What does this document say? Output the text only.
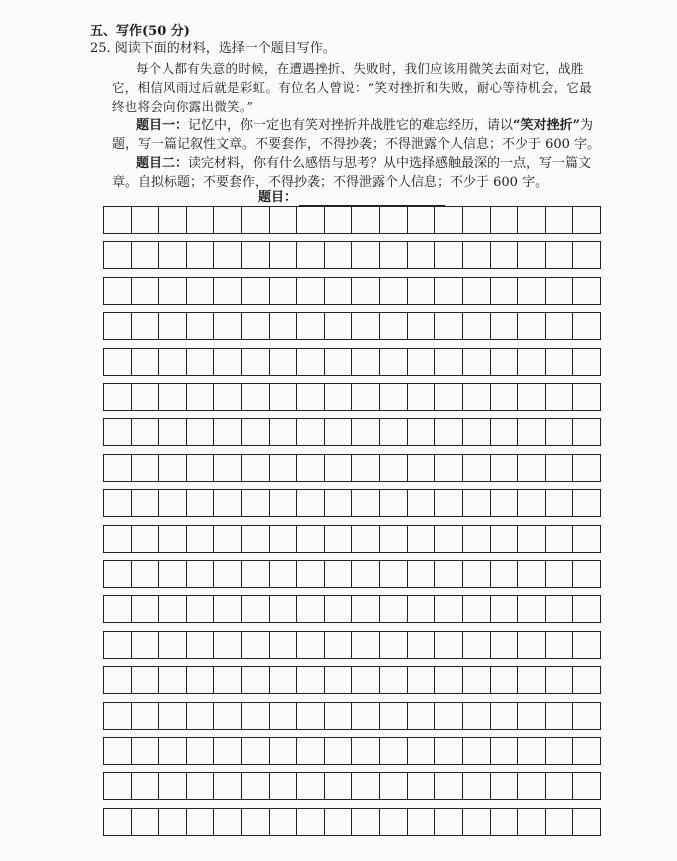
五、写作(50 分)
25. 阅读下面的材料，选择一个题目写作。
每个人都有失意的时候，在遭遇挫折、失败时，我们应该用微笑去面对它，战胜
它，相信风雨过后就是彩虹。有位名人曾说：“笑对挫折和失败，耐心等待机会，它最
终也将会向你露出微笑。”
题目一：记忆中，你一定也有笑对挫折并战胜它的难忘经历，请以“笑对挫折”为
题，写一篇记叙性文章。不要套作，不得抄袭；不得泄露个人信息；不少于 600 字。
题目二：读完材料，你有什么感悟与思考？从中选择感触最深的一点，写一篇文
章。自拟标题；不要套作，不得抄袭；不得泄露个人信息；不少于 600 字。
题目：
